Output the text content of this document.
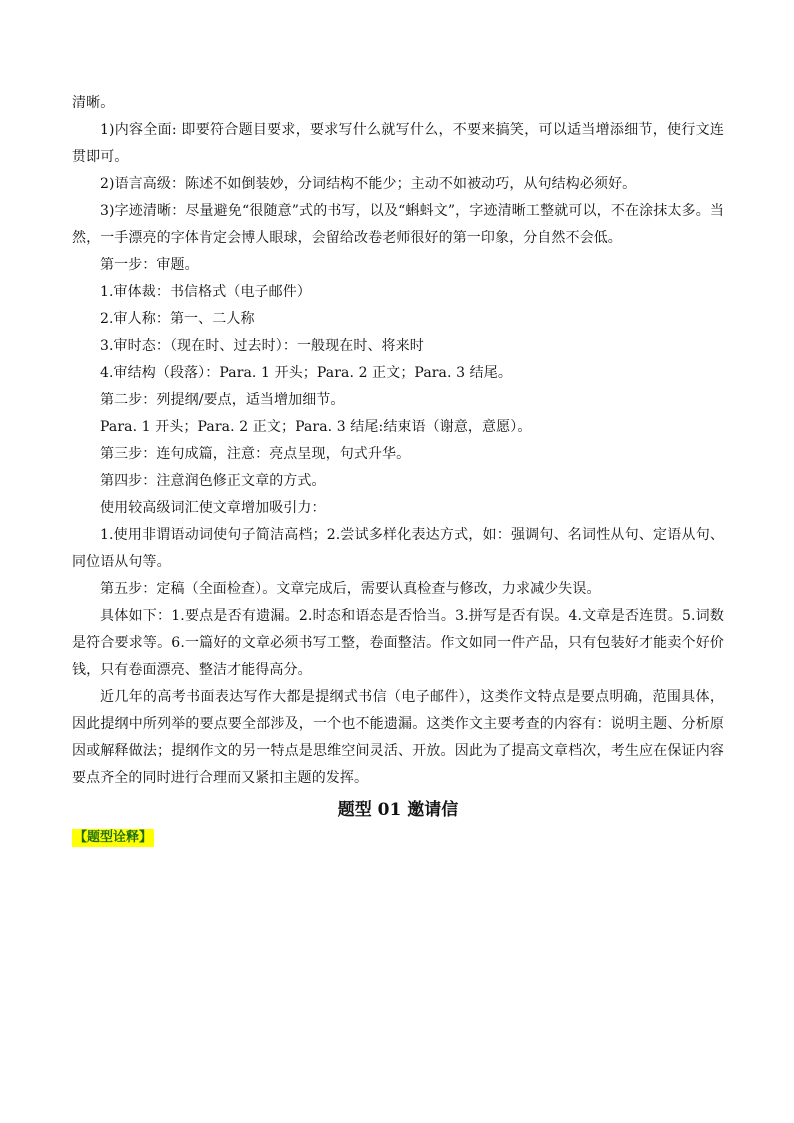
清晰。

1)内容全面: 即要符合题目要求，要求写什么就写什么，不要来搞笑，可以适当增添细节，使行文连贯即可。

2)语言高级：陈述不如倒装妙，分词结构不能少；主动不如被动巧，从句结构必须好。

3)字迹清晰：尽量避免“很随意”式的书写，以及“蝌蚪文”，字迹清晰工整就可以，不在涂抹太多。当然，一手漂亮的字体肯定会博人眼球，会留给改卷老师很好的第一印象，分自然不会低。

第一步：审题。

1.审体裁：书信格式（电子邮件）

2.审人称：第一、二人称

3.审时态：（现在时、过去时）：一般现在时、将来时

4.审结构（段落）：Para. 1 开头；Para. 2 正文；Para. 3 结尾。

第二步：列提纲/要点，适当增加细节。

Para. 1 开头；Para. 2 正文；Para. 3 结尾:结束语（谢意，意愿）。

第三步：连句成篇，注意：亮点呈现，句式升华。

第四步：注意润色修正文章的方式。

使用较高级词汇使文章增加吸引力：

1.使用非谓语动词使句子简洁高档；2.尝试多样化表达方式，如：强调句、名词性从句、定语从句、同位语从句等。

第五步：定稿（全面检查）。文章完成后，需要认真检查与修改，力求减少失误。

具体如下：1.要点是否有遗漏。2.时态和语态是否恰当。3.拼写是否有误。4.文章是否连贯。5.词数是符合要求等。6.一篇好的文章必须书写工整，卷面整洁。作文如同一件产品，只有包装好才能卖个好价钱，只有卷面漂亮、整洁才能得高分。

近几年的高考书面表达写作大都是提纲式书信（电子邮件），这类作文特点是要点明确，范围具体，因此提纲中所列举的要点要全部涉及，一个也不能遗漏。这类作文主要考查的内容有：说明主题、分析原因或解释做法；提纲作文的另一特点是思维空间灵活、开放。因此为了提高文章档次，考生应在保证内容要点齐全的同时进行合理而又紧扣主题的发挥。

题型 01 邀请信
【题型诠释】
